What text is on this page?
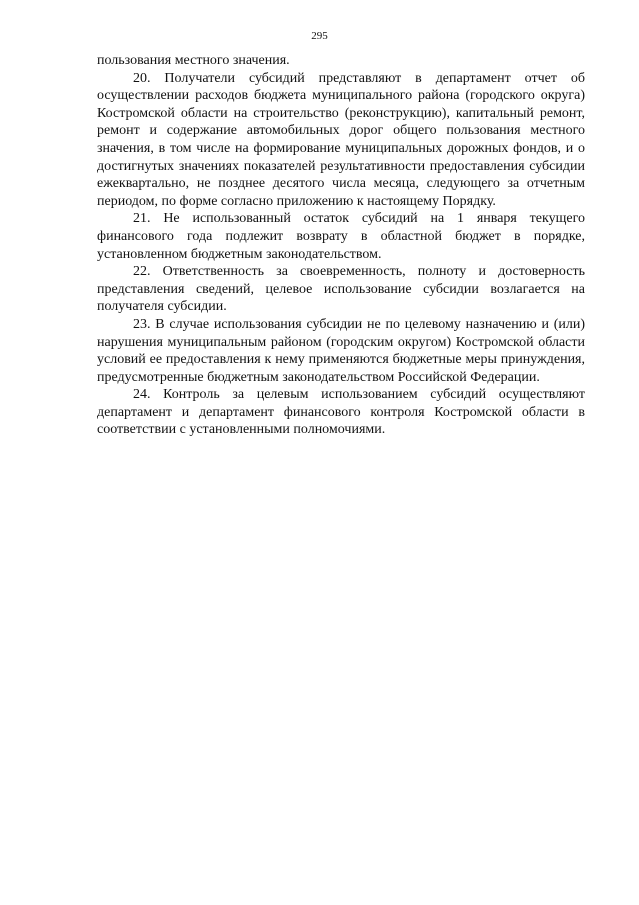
295

пользования местного значения.

20. Получатели субсидий представляют в департамент отчет об осуществлении расходов бюджета муниципального района (городского округа) Костромской области на строительство (реконструкцию), капитальный ремонт, ремонт и содержание автомобильных дорог общего пользования местного значения, в том числе на формирование муниципальных дорожных фондов, и о достигнутых значениях показателей результативности предоставления субсидии ежеквартально, не позднее десятого числа месяца, следующего за отчетным периодом, по форме согласно приложению к настоящему Порядку.

21. Не использованный остаток субсидий на 1 января текущего финансового года подлежит возврату в областной бюджет в порядке, установленном бюджетным законодательством.

22. Ответственность за своевременность, полноту и достоверность представления сведений, целевое использование субсидии возлагается на получателя субсидии.

23. В случае использования субсидии не по целевому назначению и (или) нарушения муниципальным районом (городским округом) Костромской области условий ее предоставления к нему применяются бюджетные меры принуждения, предусмотренные бюджетным законодательством Российской Федерации.

24. Контроль за целевым использованием субсидий осуществляют департамент и департамент финансового контроля Костромской области в соответствии с установленными полномочиями.
